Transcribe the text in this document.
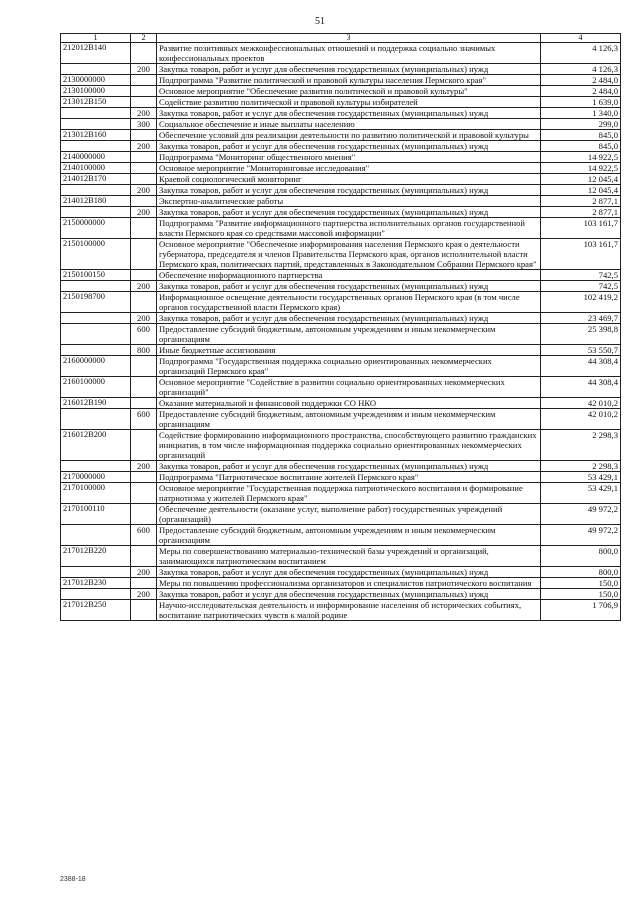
51
1	2	3	4
212012В140		Развитие позитивных межконфессиональных отношений и поддержка социально значимых конфессиональных проектов	4 126,3
	200	Закупка товаров, работ и услуг для обеспечения государственных (муниципальных) нужд	4 126,3
2130000000		Подпрограмма "Развитие политической и правовой культуры населения Пермского края"	2 484,0
2130100000		Основное мероприятие "Обеспечение развития политической и правовой культуры"	2 484,0
213012В150		Содействие развитию политической и правовой культуры избирателей	1 639,0
	200	Закупка товаров, работ и услуг для обеспечения государственных (муниципальных) нужд	1 340,0
	300	Социальное обеспечение и иные выплаты населению	299,0
213012В160		Обеспечение условий для реализации деятельности по развитию политической и правовой культуры	845,0
	200	Закупка товаров, работ и услуг для обеспечения государственных (муниципальных) нужд	845,0
2140000000		Подпрограмма "Мониторинг общественного мнения"	14 922,5
2140100000		Основное мероприятие "Мониторинговые исследования"	14 922,5
214012В170		Краевой социологический мониторинг	12 045,4
	200	Закупка товаров, работ и услуг для обеспечения государственных (муниципальных) нужд	12 045,4
214012В180		Экспертно-аналитические работы	2 877,1
	200	Закупка товаров, работ и услуг для обеспечения государственных (муниципальных) нужд	2 877,1
2150000000		Подпрограмма "Развитие информационного партнерства исполнительных органов государственной власти Пермского края со средствами массовой информации"	103 161,7
2150100000		Основное мероприятие "Обеспечение информирования населения Пермского края о деятельности губернатора, председателя и членов Правительства Пермского края, органов исполнительной власти Пермского края, политических партий, представленных в Законодательном Собрании Пермского края"	103 161,7
2150100150		Обеспечение информационного партнерства	742,5
	200	Закупка товаров, работ и услуг для обеспечения государственных (муниципальных) нужд	742,5
2150198700		Информационное освещение деятельности государственных органов Пермского края (в том числе органов государственной власти Пермского края)	102 419,2
	200	Закупка товаров, работ и услуг для обеспечения государственных (муниципальных) нужд	23 469,7
	600	Предоставление субсидий бюджетным, автономным учреждениям и иным некоммерческим организациям	25 398,8
	800	Иные бюджетные ассигнования	53 550,7
2160000000		Подпрограмма "Государственная поддержка социально ориентированных некоммерческих организаций Пермского края"	44 308,4
2160100000		Основное мероприятие "Содействие в развитии социально ориентированных некоммерческих организаций"	44 308,4
216012В190		Оказание материальной и финансовой поддержки СО НКО	42 010,2
	600	Предоставление субсидий бюджетным, автономным учреждениям и иным некоммерческим организациям	42 010,2
216012В200		Содействие формированию информационного пространства, способствующего развитию гражданских инициатив, в том числе информационная поддержка социально ориентированных некоммерческих организаций	2 298,3
	200	Закупка товаров, работ и услуг для обеспечения государственных (муниципальных) нужд	2 298,3
2170000000		Подпрограмма "Патриотическое воспитание жителей Пермского края"	53 429,1
2170100000		Основное мероприятие "Государственная поддержка патриотического воспитания и формирование патриотизма у жителей Пермского края"	53 429,1
2170100110		Обеспечение деятельности (оказание услуг, выполнение работ) государственных учреждений (организаций)	49 972,2
	600	Предоставление субсидий бюджетным, автономным учреждениям и иным некоммерческим организациям	49 972,2
217012В220		Меры по совершенствованию материально-технической базы учреждений и организаций, занимающихся патриотическим воспитанием	800,0
	200	Закупка товаров, работ и услуг для обеспечения государственных (муниципальных) нужд	800,0
217012В230		Меры по повышению профессионализма организаторов и специалистов патриотического воспитания	150,0
	200	Закупка товаров, работ и услуг для обеспечения государственных (муниципальных) нужд	150,0
217012В250		Научно-исследовательская деятельность и информирование населения об исторических событиях, воспитание патриотических чувств к малой родине	1 706,9
2388-18
